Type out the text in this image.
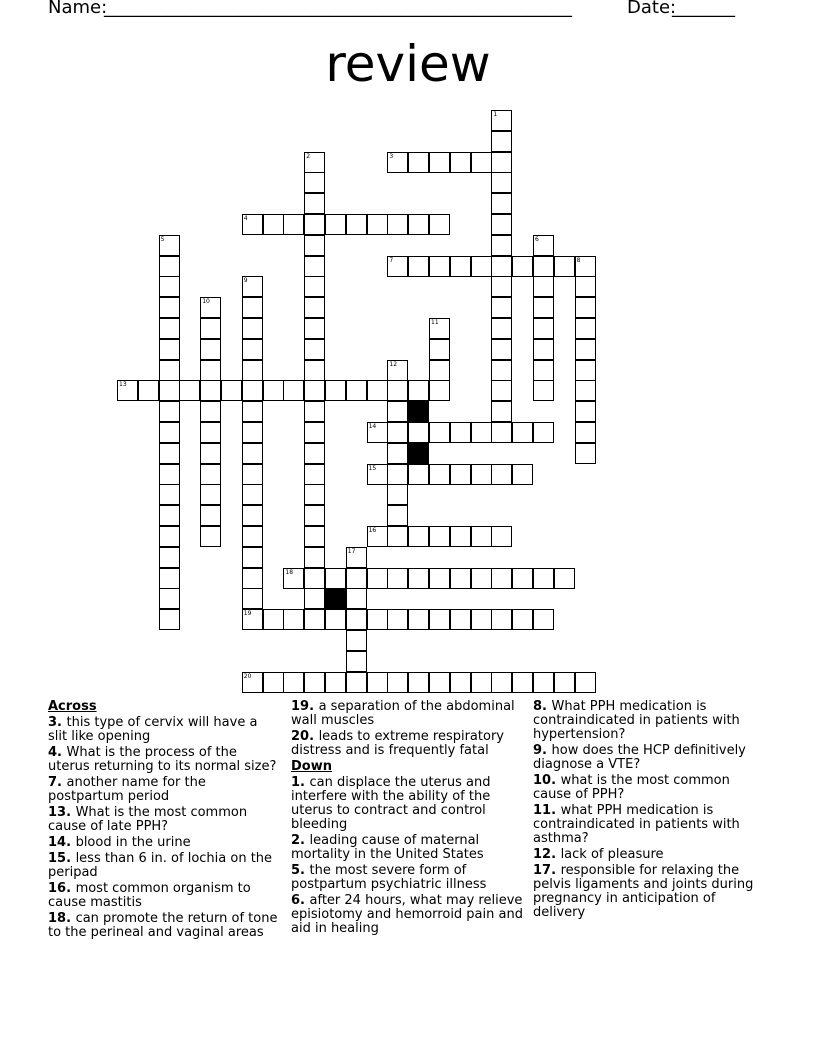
Name:
____________________________________________________	Date:
_______
review
1
2	3
4
5	6
7	8
9
19
10
11
12
13
14
15
16
17
18
20
Across
3. this type of cervix will have a slit like opening
4. What is the process of the uterus returning to its normal size?
7. another name for the postpartum period
13. What is the most common cause of late PPH?
14. blood in the urine
15. less than 6 in. of lochia on the peripad
16. most common organism to cause mastitis
18. can promote the return of tone to the perineal and vaginal areas
19. a separation of the abdominal wall muscles
20. leads to extreme respiratory distress and is frequently fatal
Down
1. can displace the uterus and interfere with the ability of the uterus to contract and control bleeding
2. leading cause of maternal mortality in the United States
5. the most severe form of postpartum psychiatric illness
6. after 24 hours, what may relieve episiotomy and hemorroid pain and aid in healing
8. What PPH medication is contraindicated in patients with hypertension?
9. how does the HCP definitively diagnose a VTE?
10. what is the most common cause of PPH?
11. what PPH medication is contraindicated in patients with asthma?
12. lack of pleasure
17. responsible for relaxing the pelvis ligaments and joints during pregnancy in anticipation of delivery
